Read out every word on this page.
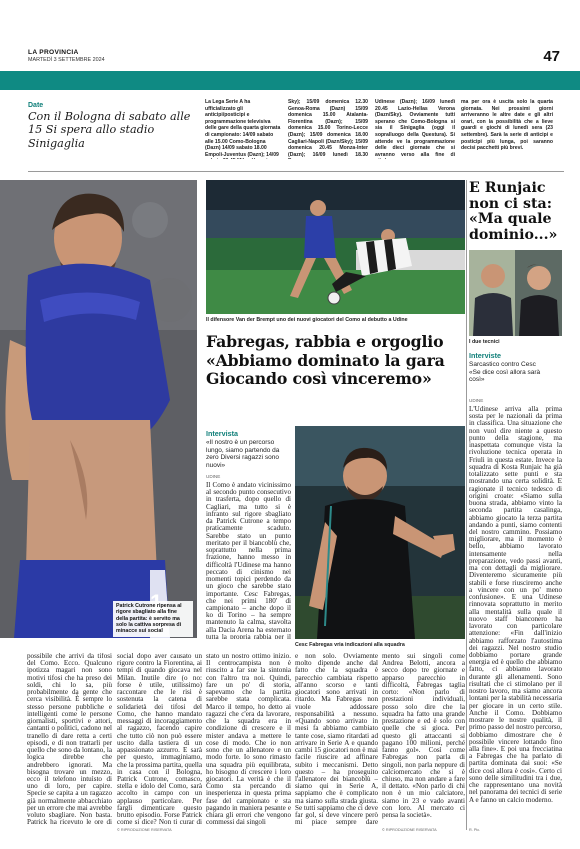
LA PROVINCIA
MARTEDÌ 3 SETTEMBRE 2024	47
Date
Con il Bologna di sabato alle 15 Si spera allo stadio Sinigaglia
La Lega Serie A ha ufficializzato gli anticipi/posticipi e programmazione televisiva delle gare della quarta giornata di campionato: 14/09 sabato alle 15.00 Como-Bologna (Dazn) 14/09 sabato 18.00 Empoli-Juventus (Dazn); 14/09
Sky); 15/09 domenica 12.30 Genoa-Roma (Dazn) 15/09 domenica 15.00 Atalanta-Fiorentina (Dazn); 15/09 domenica 15.00 Torino-Lecce (Dazn); 15/09 domenica 18.00 Cagliari-Napoli (Dazn/Sky); 15/09 domenica 20.45 Monza-Inter (Dazn); 16/09 lunedì 18.30
Udinese (Dazn); 16/09 lunedì 20.45 Lazio-Hellas Verona (Dazn/Sky). Ovviamente tutti sperano che Como-Bologna si sia il Sinigaglia (oggi il sopralluogo della Questura). Si attende ve la programmazione delle dieci giornate che si avranno verso alla fine di
ma per ora è uscita solo la quarta giornata. Nei prossimi giorni arriveranno le altre date e gli altri orari, con la possibilità che a lieve guardi e giochi di lunedì sera (23 settembre). Sarà la serie di anticipi e posticipi più lunga, poi saranno decisi pacchetti più brevi.
Patrick Cutrone ripensa al rigore sbagliato alla fine della partita: è servito ma solo la cattiva sorpresa di minacce sui social
Il difensore Van der Brempt uno dei nuovi giocatori del Como al debutto a Udine
E Runjaic non ci sta: «Ma quale dominio...»
I due tecnici
Interviste
Sarcastico contro Cesc «Se dice così allora sarà così»
UDINE
L'Udinese arriva alla prima sosta per le nazionali da prima in classifica. Una situazione che non vuol dire niente a questo punto della stagione, ma inaspettata comunque vista la rivoluzione tecnica operata in Friuli in questa estate. Invece la squadra di Kosta Runjaic ha già totalizzato sette punti e sta mostrando una certa solidità. E ragionate il tecnico tedesco di origini croate: «Siamo sulla buona strada, abbiamo vinto la seconda partita casalinga, abbiamo giocato la terza partita andando a punti, siamo contenti del nostro cammino. Possiamo migliorare, ma il momento è bello, abbiamo lavorato intensamente nella preparazione, vedo passi avanti, ma con dettagli da migliorare. Diventeremo sicuramente più stabili e forse riusciremo anche a vincere con un po' meno confusione». E una Udinese rinnovata soprattutto in merito alla mentalità sulla quale il nuovo staff bianconero ha lavorato con particolare attenzione: «Fin dall'inizio abbiamo rafforzato l'autostima dei ragazzi. Nel nostro studio dobbiamo portare grande energia ed è quello che abbiamo fatto, ci abbiamo lavorato durante gli allenamenti. Sono risultati che ci stimolano per il nostro lavoro, ma siamo ancora lontani per la stabilità necessaria per giocare in un certo stile. Anche il Como. Dobbiamo mostrare le nostre qualità, il primo passo del nostro percorso, dobbiamo dimostrare che è possibile vincere lottando fino alla fine». E poi una frecciatina a Fabregas che ha parlato di partita dominata dai suoi: «Se dice così allora è così». Certo ci sono delle similitudini tra i due, che rappresentano una novità nel panorama dei tecnici di serie A e fanno un calcio moderno.
R. Pic.
Fabregas, rabbia e orgoglio «Abbiamo dominato la gara Giocando così vinceremo»
Intervista
«Il nostro è un percorso lungo, siamo partendo da zero Diversi ragazzi sono nuovi»
UDINE
Il Como è andato vicinissimo al secondo punto consecutivo in trasferta, dopo quello di Cagliari, ma tutto si è infranto sul rigore sbagliato da Patrick Cutrone a tempo praticamente scaduto. Sarebbe stato un punto meritato per il biancoblù che, soprattutto nella prima frazione, hanno messo in difficoltà l'Udinese ma hanno peccato di cinismo nei momenti topici perdendo da un gioco che sarebbe stato importante. Cesc Fabregas, che nei primi 180' di campionato – anche dopo il ko di Torino – ha sempre mantenuto la calma, stavolta alla Dacia Arena ha esternato tutta la propria rabbia per il
Cesc Fabregas vria indicazioni alla squadra
possibile che arrivi da tifosi del Como. Ecco. Qualcuno ipotizza magari non sono motivi tifosi che ha preso dei soldi, chi lo sa, più probabilmente da gente che cerca visibilità. È sempre lo stesso persone pubbliche e intelligenti come le persone giornalisti, sportivi e attori, cantanti o politici, cadono nel tranello di dare retta a certi episodi, e di non trattarli per quello che sono da lontano, la logica direbbe che andrebbero ignorati. Ma bisogna trovare un mezzo, ecco il telefono intuìsto di uno di loro, per capire. Specie se capita a un ragazzo già normalmente abbacchiato per un errore che mai avrebbe voluto sbagliare. Non basta. Patrick ha ricevuto le ore di
social dopo aver causato un rigore contro la Fiorentina, ai tempi di quando giocava nel Milan. Inutile dire (o no: forse è utile, utilissimo) raccontare che le risi è sostenuta la catena di solidarietà dei tifosi del Como, che hanno mandato messaggi di incoraggiamento al ragazzo, facendo capire che tutto ciò non può essere uscito dalla tastiera di un appassionato azzurro. E sarà per questo, immaginiamo, che la prossima partita, quella in casa con il Bologna, Patrick Cutrone, comasco, stella e idolo del Como, sarà accolto in campo con un applauso particolare. Per fargli dimenticare questo brutto episodio. Forse Patrick come si dice? Non ti curar di
stato un nostro ottimo inizio. Il centrocampista non è riuscito a far sue la sintonia con l'altro tra noi. Quindi, fare un po' di storia, sapevamo che la partita sarebbe stata complicata. Marco il tempo, ho detto ai ragazzi che c'era da lavorare, che la squadra era in condizione di crescere e il mister andava a mettere le cose di modo. Che io non sono che un allenatore e un modo forte. Io sono rimasto una squadra più equilibrata, ho bisogno di crescere i loro giocatori. La verità è che il Como sta percando di inesperienza in questa prima fase del campionato e sta pagando in maniera pesante e chiara gli errori che vengono commessi dai singoli
e non solo. Ovviamente molto dipende anche dal fatto che la squadra è parecchio cambiata rispetto all'anno scorso e tanti giocatori sono arrivati in ritardo. Ma Fabregas non vuole addossare responsabilità a nessuno. «Quando sono arrivato in mesi fa abbiamo cambiato tante cose, siamo ritardati ad arrivare in Serie A e quando cambi 15 giocatori non è mai facile riuscire ad affinare subito i meccanismi. Detto questo – ha proseguito l'allenatore dei biancoblù – siamo qui in Serie A, sappiamo che è complicato ma siamo sulla strada giusta. Se tutti sappiamo che ci deve far gol, si deve vincere però mi piace sempre dare
mento sui singoli come Andrea Belotti, ancora a secco dopo tre giornate e apparso parecchio in difficoltà, Fabregas taglia corto: «Non parlo di prestazioni individuali, posso solo dire che la squadra ha fatto una grande prestazione e ed è solo con quelle che si gioca. Per questo gli attaccanti si pagano 100 milioni, perché fanno gol». Così come Fabregas non parla di singoli, non parla neppure di calciomercato che si è chiuso, ma non andare a fare il dettato. «Non parlo di chi non è un mio calciatore, siamo in 23 e vado avanti con loro. Al mercato ci pensa la società».
© RIPRODUZIONE RISERVATA	© RIPRODUZIONE RISERVATA
